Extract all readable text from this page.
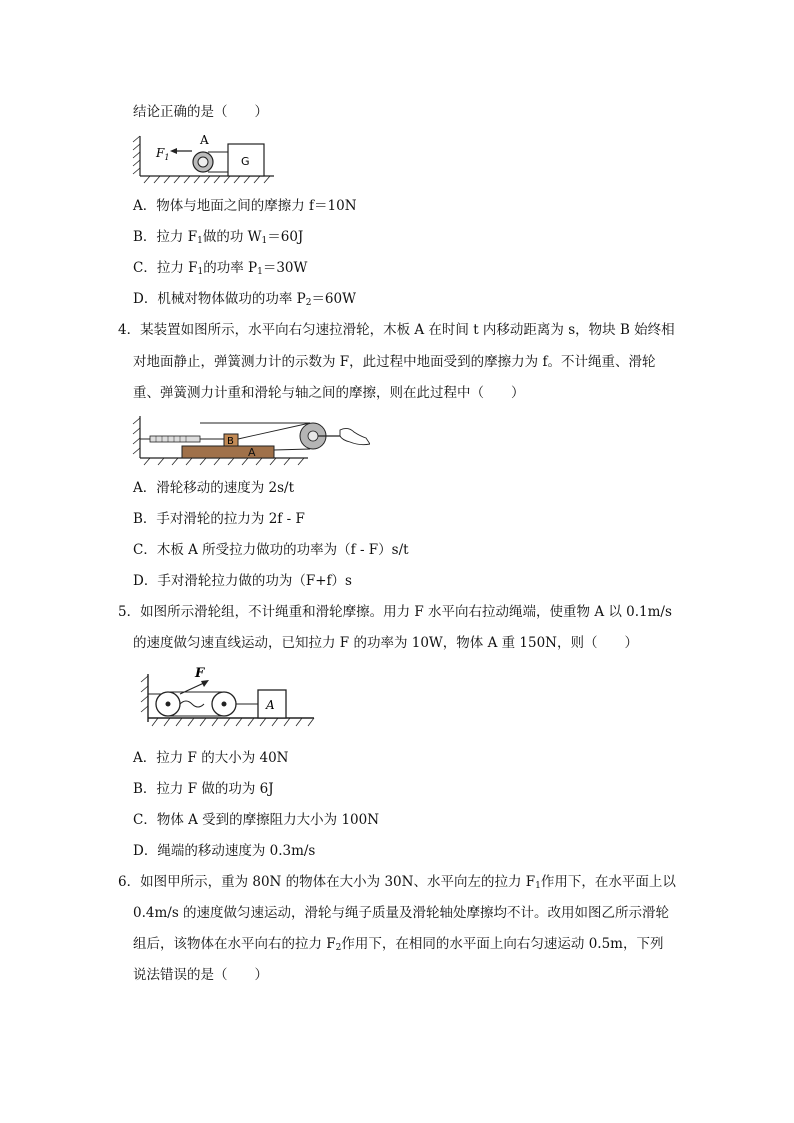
结论正确的是（　　）
A
$F_1$	G
A．物体与地面之间的摩擦力 f＝10N
B．拉力 $F_1$做的功 $W_1=60J$
C．拉力 $F_1$的功率 $P_1=30W$
D．机械对物体做功的功率 $P_2=60W$
4．某装置如图所示，水平向右匀速拉滑轮，木板 A 在时间 t 内移动距离为 s，物块 B 始终相
对地面静止，弹簧测力计的示数为 F，此过程中地面受到的摩擦力为 f。不计绳重、滑轮
重、弹簧测力计重和滑轮与轴之间的摩擦，则在此过程中（　　）
A
B
A．滑轮移动的速度为 2s/t
B．手对滑轮的拉力为 2f - F
C．木板 A 所受拉力做功的功率为（f - F）s/t
D．手对滑轮拉力做的功为（F+f）s
5．如图所示滑轮组，不计绳重和滑轮摩擦。用力 F 水平向右拉动绳端，使重物 A 以 0.1m/s
的速度做匀速直线运动，已知拉力 F 的功率为 10W，物体 A 重 150N，则（　　）
F
A
A．拉力 F 的大小为 40N
B．拉力 F 做的功为 6J
C．物体 A 受到的摩擦阻力大小为 100N
D．绳端的移动速度为 0.3m/s
6．如图甲所示，重为 80N 的物体在大小为 30N、水平向左的拉力 $F_1$作用下，在水平面上以
0.4m/s 的速度做匀速运动，滑轮与绳子质量及滑轮轴处摩擦均不计。改用如图乙所示滑轮
组后，该物体在水平向右的拉力 $F_2$作用下，在相同的水平面上向右匀速运动 0.5m，下列
说法错误的是（　　）
